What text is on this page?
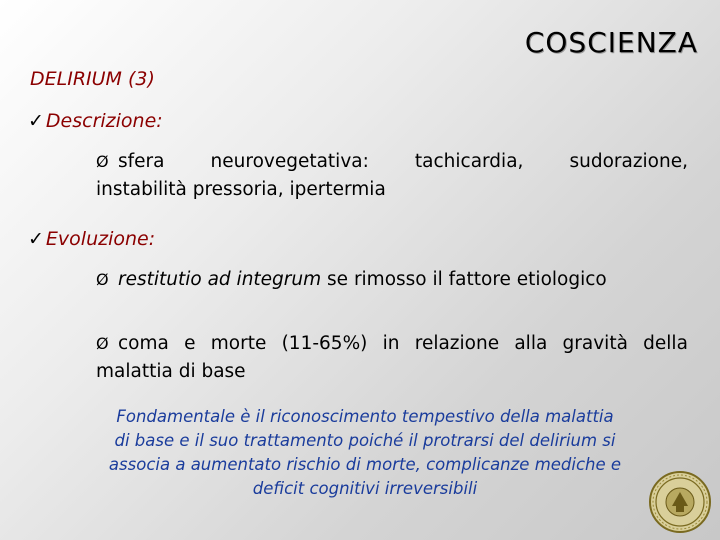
COSCIENZA
DELIRIUM (3)
✓ Descrizione:
Ø sfera neurovegetativa: tachicardia, sudorazione,
instabilità pressoria, ipertermia
✓ Evoluzione:
Ø restitutio ad integrum se rimosso il fattore etiologico
Ø coma e morte (11-65%) in relazione alla gravità della
malattia di base
Fondamentale è il riconoscimento tempestivo della malattia
di base e il suo trattamento poiché il protrarsi del delirium si
associa a aumentato rischio di morte, complicanze mediche e
deficit cognitivi irreversibili
